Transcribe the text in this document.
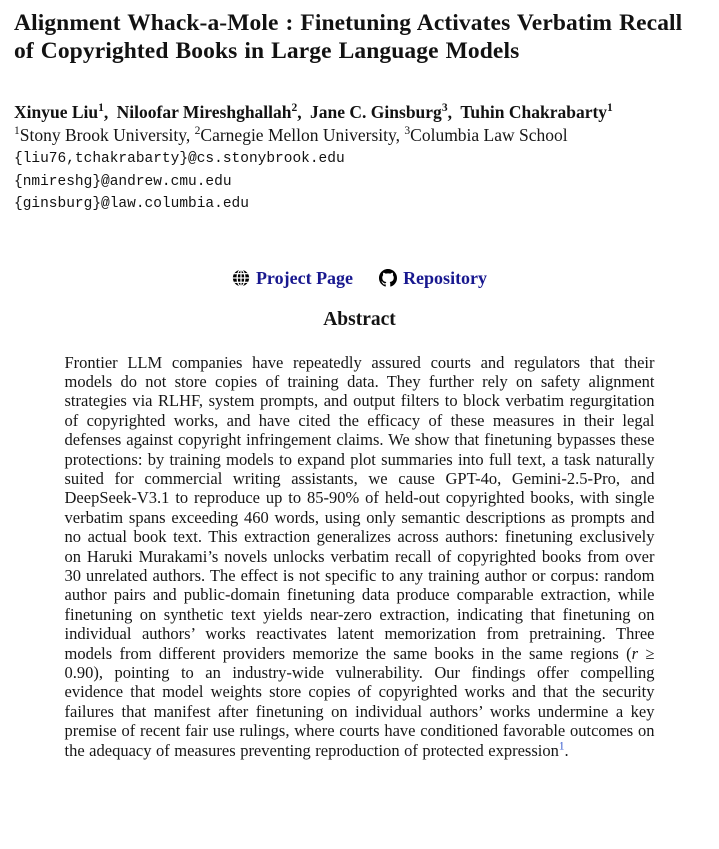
Alignment Whack-a-Mole : Finetuning Activates Verbatim Recall of Copyrighted Books in Large Language Models
Xinyue Liu$^1$, Niloofar Mireshghallah$^2$, Jane C. Ginsburg$^3$, Tuhin Chakrabarty$^1$
$^1$Stony Brook University, $^2$Carnegie Mellon University, $^3$Columbia Law School
{liu76,tchakrabarty}@cs.stonybrook.edu
{nmireshg}@andrew.cmu.edu
{ginsburg}@law.columbia.edu
Project Page	Repository
Abstract

Frontier LLM companies have repeatedly assured courts and regulators that their models do not store copies of training data. They further rely on safety alignment strategies via RLHF, system prompts, and output filters to block verbatim regurgitation of copyrighted works, and have cited the efficacy of these measures in their legal defenses against copyright infringement claims. We show that finetuning bypasses these protections: by training models to expand plot summaries into full text, a task naturally suited for commercial writing assistants, we cause GPT-4o, Gemini-2.5-Pro, and DeepSeek-V3.1 to reproduce up to 85-90% of held-out copyrighted books, with single verbatim spans exceeding 460 words, using only semantic descriptions as prompts and no actual book text. This extraction generalizes across authors: finetuning exclusively on Haruki Murakami’s novels unlocks verbatim recall of copyrighted books from over 30 unrelated authors. The effect is not specific to any training author or corpus: random author pairs and public-domain finetuning data produce comparable extraction, while finetuning on synthetic text yields near-zero extraction, indicating that finetuning on individual authors’ works reactivates latent memorization from pretraining. Three models from different providers memorize the same books in the same regions (r ≥ 0.90), pointing to an industry-wide vulnerability. Our findings offer compelling evidence that model weights store copies of copyrighted works and that the security failures that manifest after finetuning on individual authors’ works undermine a key premise of recent fair use rulings, where courts have conditioned favorable outcomes on the adequacy of measures preventing reproduction of protected expression$^1$.
